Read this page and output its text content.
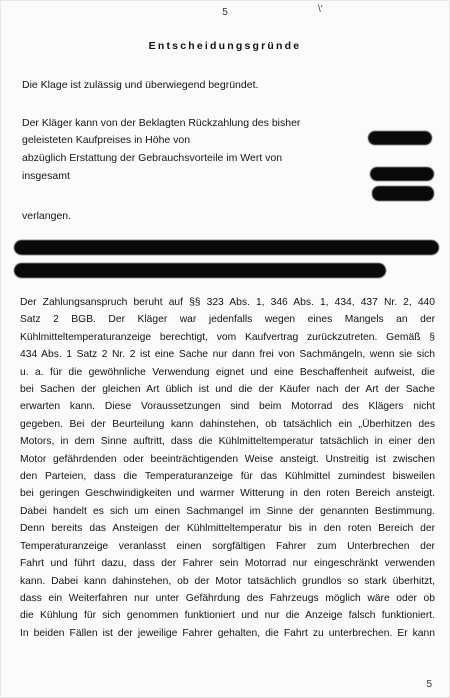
5	\'
Entscheidungsgründe
Die Klage ist zulässig und überwiegend begründet.
Der Kläger kann von der Beklagten Rückzahlung des bisher
geleisteten Kaufpreises in Höhe von
abzüglich Erstattung der Gebrauchsvorteile im Wert von
insgesamt
verlangen.

Der Zahlungsanspruch beruht auf §§ 323 Abs. 1, 346 Abs. 1, 434, 437 Nr. 2, 440

Satz 2 BGB. Der Kläger war jedenfalls wegen eines Mangels an der

Kühlmitteltemperaturanzeige berechtigt, vom Kaufvertrag zurückzutreten. Gemäß §

434 Abs. 1 Satz 2 Nr. 2 ist eine Sache nur dann frei von Sachmängeln, wenn sie sich

u. a. für die gewöhnliche Verwendung eignet und eine Beschaffenheit aufweist, die

bei Sachen der gleichen Art üblich ist und die der Käufer nach der Art der Sache

erwarten kann. Diese Voraussetzungen sind beim Motorrad des Klägers nicht

gegeben. Bei der Beurteilung kann dahinstehen, ob tatsächlich ein „Überhitzen des

Motors, in dem Sinne auftritt, dass die Kühlmitteltemperatur tatsächlich in einer den

Motor gefährdenden oder beeinträchtigenden Weise ansteigt. Unstreitig ist zwischen

den Parteien, dass die Temperaturanzeige für das Kühlmittel zumindest bisweilen

bei geringen Geschwindigkeiten und warmer Witterung in den roten Bereich ansteigt.

Dabei handelt es sich um einen Sachmangel im Sinne der genannten Bestimmung.

Denn bereits das Ansteigen der Kühlmitteltemperatur bis in den roten Bereich der

Temperaturanzeige veranlasst einen sorgfältigen Fahrer zum Unterbrechen der

Fahrt und führt dazu, dass der Fahrer sein Motorrad nur eingeschränkt verwenden

kann. Dabei kann dahinstehen, ob der Motor tatsächlich grundlos so stark überhitzt,

dass ein Weiterfahren nur unter Gefährdung des Fahrzeugs möglich wäre oder ob

die Kühlung für sich genommen funktioniert und nur die Anzeige falsch funktioniert.

In beiden Fällen ist der jeweilige Fahrer gehalten, die Fahrt zu unterbrechen. Er kann

5
